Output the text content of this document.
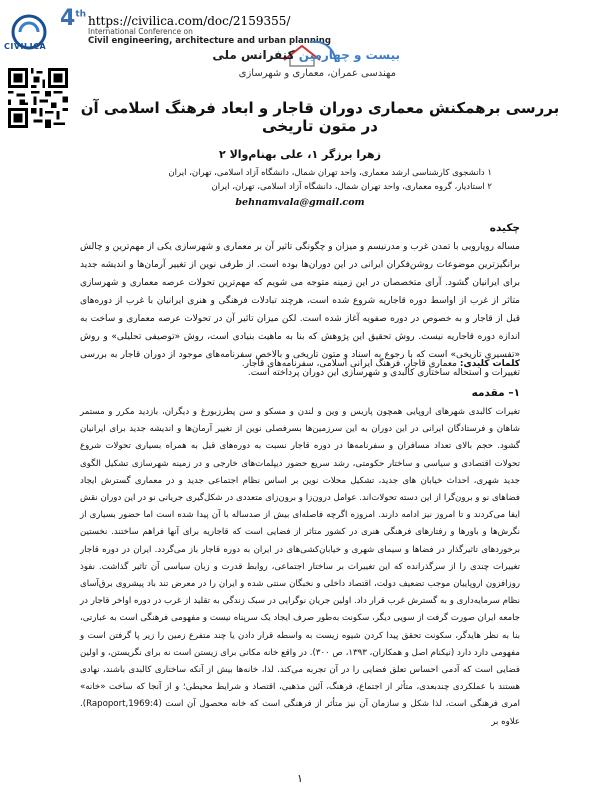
CIVILICA
4th https://civilica.com/doc/2159355/
International Conference on
Civil engineering, architecture and urban planning
بیست و چهارمین کنفرانس ملی
مهندسی عمران، معماری و شهرسازی
بررسی برهمکنش معماری دوران قاجار و ابعاد فرهنگ اسلامی آن در متون تاریخی
زهرا برزگر ۱، علی بهنام‌والا ۲
۱ دانشجوی کارشناسی ارشد معماری، واحد تهران شمال، دانشگاه آزاد اسلامی، تهران، ایران
۲ استادیار، گروه معماری، واحد تهران شمال، دانشگاه آزاد اسلامی، تهران، ایران
behnamvala@gmail.com
چکیده
مساله رویارویی با تمدن غرب و مدرنیسم و میزان و چگونگی تاثیر آن بر معماری و شهرسازی یکی از مهم‌ترین و چالش برانگیزترین موضوعات روشن‌فکران ایرانی در این دوران‌ها بوده است. از طرفی نوین از تغییر آرمان‌ها و اندیشه جدید برای ایرانیان گشود. آرای متخصصان در این زمینه متوجه می شویم که مهم‌ترین تحولات عرصه معماری و شهرسازی متاثر از غرب از اواسط دوره قاجاریه شروع شده است، هرچند تبادلات فرهنگی و هنری ایرانیان با غرب از دوره‌های قبل از قاجار و به خصوص در دوره صفویه آغاز شده است. لکن میزان تاثیر آن در تحولات عرصه معماری و ساخت به اندازه دوره قاجاریه نیست. روش تحقیق این پژوهش که بنا به ماهیت بنیادی است، روش «توصیفی تحلیلی» و روش «تفسیری تاریخی» است که با رجوع به اسناد و متون تاریخی و بالاخص سفرنامه‌های موجود از دوران قاجار به بررسی تغییرات و استحاله ساختاری کالبدی و شهرسازی این دوران پرداخته است.
کلمات کلیدی: معماری قاجار، فرهنگ ایرانی اسلامی، سفرنامه‌های قاجار.
۱– مقدمه
تغیرات کالبدی شهرهای اروپایی همچون پاریس و وین و لندن و مسکو و سن پطرزبورغ و دیگران، بازدید مکرر و مستمر شاهان و فرستادگان ایرانی در این دوران به این سرزمین‌ها بسرفصلی نوین از تغییر آرمان‌ها و اندیشه جدید برای ایرانیان گشود. حجم بالای تعداد مسافران و سفرنامه‌ها در دوره قاجار نسبت به دوره‌های قبل به همراه بسیاری تحولات شروع تحولات اقتصادی و سیاسی و ساختار حکومتی، رشد سریع حضور دیپلمات‌های خارجی و در زمینه شهرسازی تشکیل الگوی جدید شهری، احداث خیابان های جدید، تشکیل محلات نوین بر اساس نظام اجتماعی جدید و در معماری گسترش ایجاد فضاهای نو و برون‌گرا از این دسته تحولات‌اند. عوامل درون‌زا و برون‌زای متعددی در شکل‌گیری جریانی نو در این دوران نقش ایفا می‌کردند و تا امروز نیز ادامه دارند. امروزه اگرچه فاصله‌ای بیش از صدساله با آن پیدا شده است اما حضور بسیاری از نگرش‌ها و باورها و رفتارهای فرهنگی هنری در کشور متاثر از فضایی است که قاجاریه برای آنها فراهم ساختند. نخستین برخوردهای تاثیرگذار در فضاها و سیمای شهری و خیابان‌کشی‌های در ایران به دوره قاجار باز می‌گردد. ایران در دوره قاجار تغییرات چندی را از سرگذرانده که این تغییرات بر ساختار اجتماعی، روابط قدرت و زبان سیاسی آن تاثیر گذاشت. نفوذ روزافزون اروپاییان موجب تضعیف دولت، اقتصاد داخلی و نخبگان سنتی شده و ایران را در معرض تند باد پیشروی برق‌آسای نظام سرمایه‌داری و به گسترش غرب قرار داد. اولین جریان نوگرایی در سبک زندگی به تقلید از غرب در دوره اواخر قاجار در جامعه ایران صورت گرفت از سویی دیگر، سکونت به‌طور صرف ایجاد یک سرپناه نیست و مفهومی فرهنگی است به عبارتی، بنا به نظر هایدگر، سکونت تحقق پیدا کردن شیوه زیست به واسطه قرار دادن یا چند متفرع زمین را زیر پا گرفتن است و مفهومی دارد دارد (نیکنام اصل و همکاران، ۱۳۹۳، ص ۳۰۰). در واقع خانه مکانی برای زیستن است نه برای نگریستن، و اولین فضایی است که آدمی احساس تعلق فضایی را در آن تجربه می‌کند. لذا، خانه‌ها بیش از آنکه ساختاری کالبدی باشند، نهادی هستند با عملکردی چندبعدی، متأثر از اجتماع، فرهنگ، آئین مذهبی، اقتصاد و شرایط محیطی؛ و از آنجا که ساخت «خانه» امری فرهنگی است، لذا شکل و سازمان آن نیز متأثر از فرهنگی است که خانه محصول آن است (Rapoport,1969:4). علاوه بر
۱
